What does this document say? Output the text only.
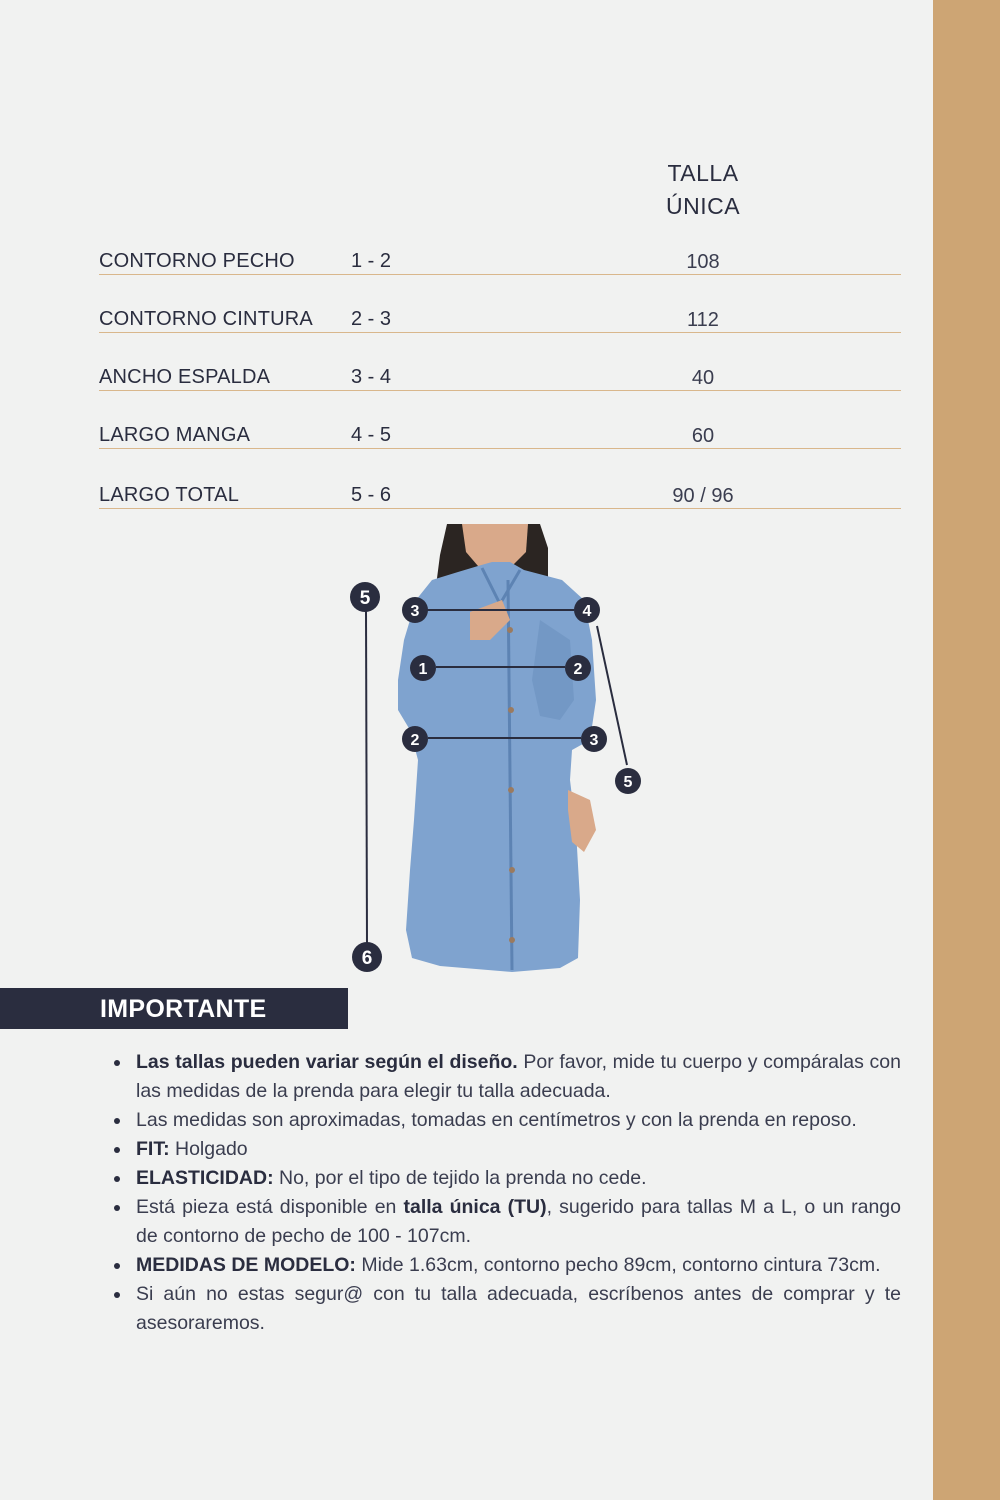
TALLA
ÚNICA
CONTORNO PECHO	1 - 2	108
CONTORNO CINTURA 2 - 3	112
ANCHO ESPALDA	3 - 4	40
LARGO MANGA	4 - 5	60
LARGO TOTAL	5 - 6	90 / 96
5
3	4
1	2
2	3
5
6
IMPORTANTE
Las tallas pueden variar según el diseño. Por favor, mide tu cuerpo y compáralas con las medidas de la prenda para elegir tu talla adecuada.
Las medidas son aproximadas, tomadas en centímetros y con la prenda en reposo.
FIT: Holgado
ELASTICIDAD: No, por el tipo de tejido la prenda no cede.
Está pieza está disponible en talla única (TU), sugerido para tallas M a L, o un rango de contorno de pecho de 100 - 107cm.
MEDIDAS DE MODELO: Mide 1.63cm, contorno pecho 89cm, contorno cintura 73cm.
Si aún no estas segur@ con tu talla adecuada, escríbenos antes de comprar y te asesoraremos.
